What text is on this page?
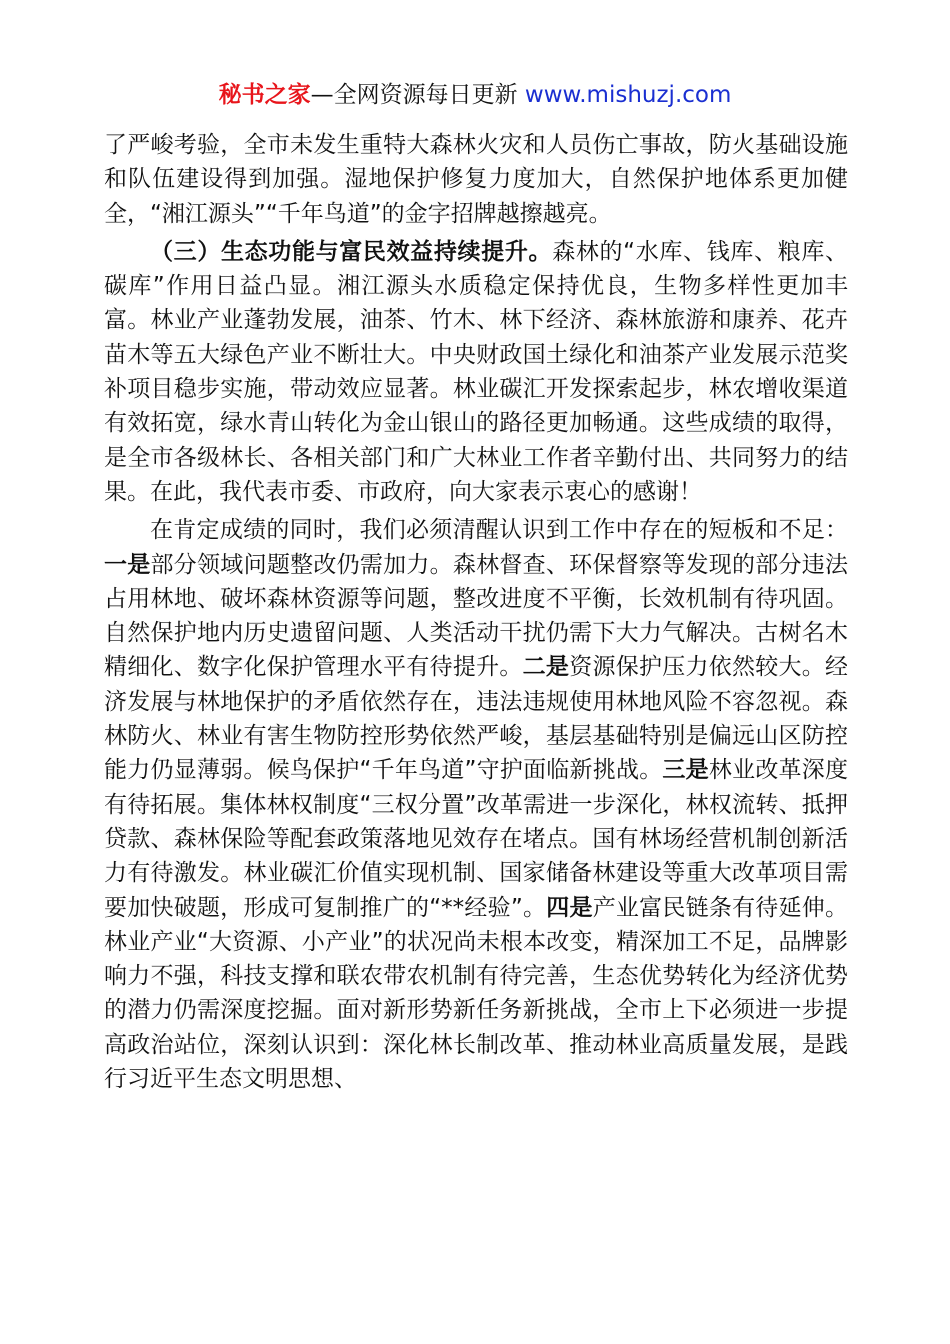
秘书之家—全网资源每日更新 www.mishuzj.com

了严峻考验，全市未发生重特大森林火灾和人员伤亡事故，防火基础设施和队伍建设得到加强。湿地保护修复力度加大，自然保护地体系更加健全，“湘江源头”“千年鸟道”的金字招牌越擦越亮。

（三）生态功能与富民效益持续提升。森林的“水库、钱库、粮库、碳库”作用日益凸显。湘江源头水质稳定保持优良，生物多样性更加丰富。林业产业蓬勃发展，油茶、竹木、林下经济、森林旅游和康养、花卉苗木等五大绿色产业不断壮大。中央财政国土绿化和油茶产业发展示范奖补项目稳步实施，带动效应显著。林业碳汇开发探索起步，林农增收渠道有效拓宽，绿水青山转化为金山银山的路径更加畅通。这些成绩的取得，是全市各级林长、各相关部门和广大林业工作者辛勤付出、共同努力的结果。在此，我代表市委、市政府，向大家表示衷心的感谢！

在肯定成绩的同时，我们必须清醒认识到工作中存在的短板和不足：一是部分领域问题整改仍需加力。森林督查、环保督察等发现的部分违法占用林地、破坏森林资源等问题，整改进度不平衡，长效机制有待巩固。自然保护地内历史遗留问题、人类活动干扰仍需下大力气解决。古树名木精细化、数字化保护管理水平有待提升。二是资源保护压力依然较大。经济发展与林地保护的矛盾依然存在，违法违规使用林地风险不容忽视。森林防火、林业有害生物防控形势依然严峻，基层基础特别是偏远山区防控能力仍显薄弱。候鸟保护“千年鸟道”守护面临新挑战。三是林业改革深度有待拓展。集体林权制度“三权分置”改革需进一步深化，林权流转、抵押贷款、森林保险等配套政策落地见效存在堵点。国有林场经营机制创新活力有待激发。林业碳汇价值实现机制、国家储备林建设等重大改革项目需要加快破题，形成可复制推广的“**经验”。四是产业富民链条有待延伸。林业产业“大资源、小产业”的状况尚未根本改变，精深加工不足，品牌影响力不强，科技支撑和联农带农机制有待完善，生态优势转化为经济优势的潜力仍需深度挖掘。面对新形势新任务新挑战，全市上下必须进一步提高政治站位，深刻认识到：深化林长制改革、推动林业高质量发展，是践行习近平生态文明思想、
